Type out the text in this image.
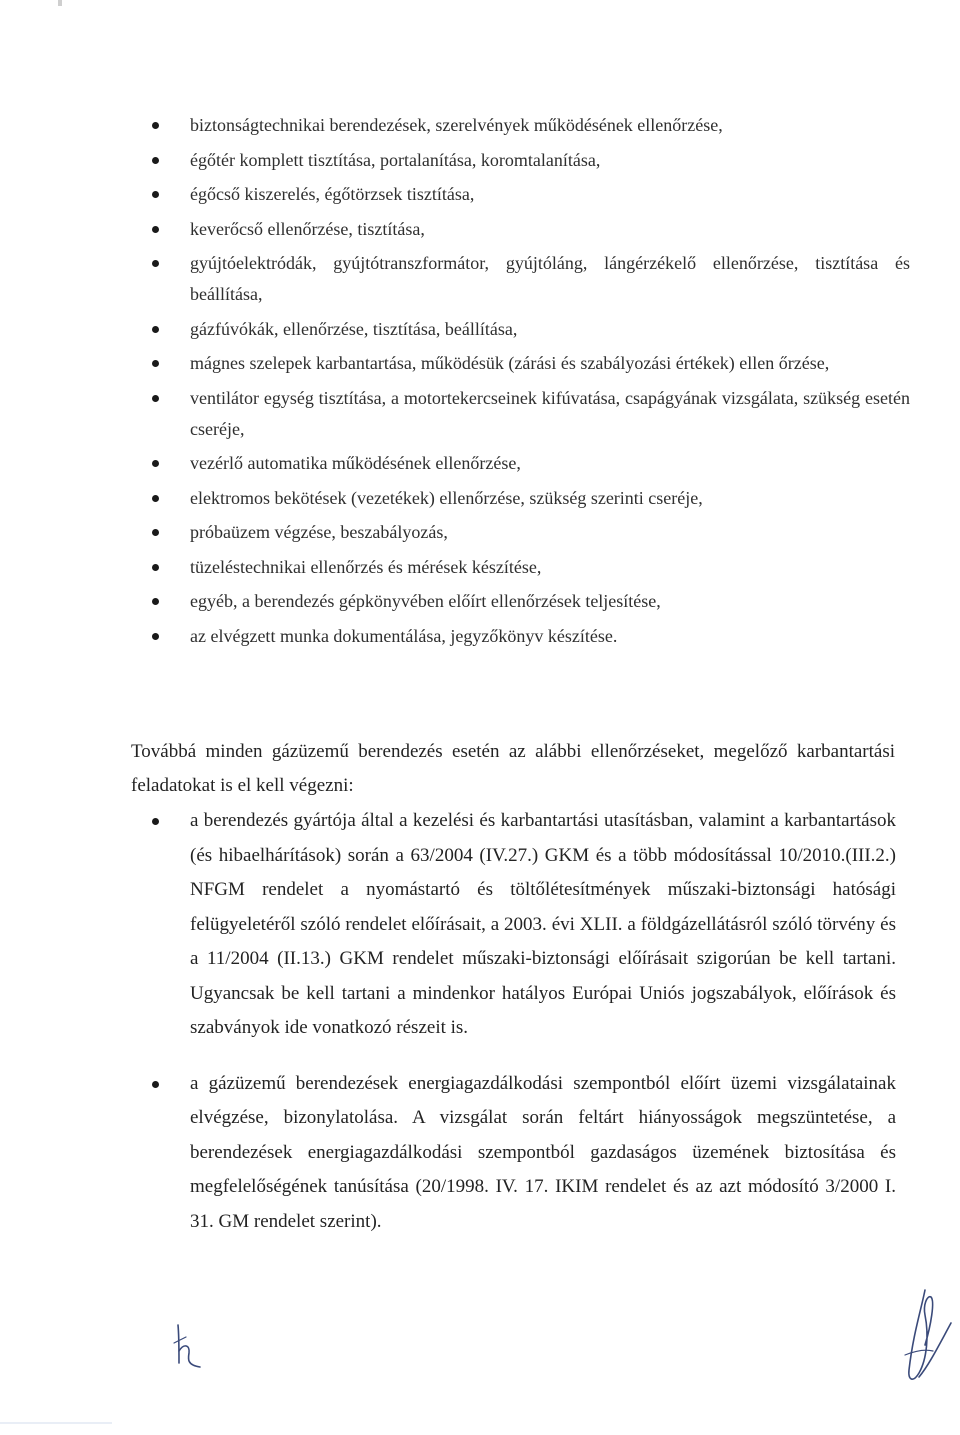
biztonságtechnikai berendezések, szerelvények működésének ellenőrzése,
égőtér komplett tisztítása, portalanítása, koromtalanítása,
égőcső kiszerelés, égőtörzsek tisztítása,
keverőcső ellenőrzése, tisztítása,
gyújtóelektródák, gyújtótranszformátor, gyújtóláng, lángérzékelő ellenőrzése, tisztítása és beállítása,
gázfúvókák, ellenőrzése, tisztítása, beállítása,
mágnes szelepek karbantartása, működésük (zárási és szabályozási értékek) ellen őrzése,
ventilátor egység tisztítása, a motortekercseinek kifúvatása, csapágyának vizsgálata, szükség esetén cseréje,
vezérlő automatika működésének ellenőrzése,
elektromos bekötések (vezetékek) ellenőrzése, szükség szerinti cseréje,
próbaüzem végzése, beszabályozás,
tüzeléstechnikai ellenőrzés és mérések készítése,
egyéb, a berendezés gépkönyvében előírt ellenőrzések teljesítése,
az elvégzett munka dokumentálása, jegyzőkönyv készítése.

Továbbá minden gázüzemű berendezés esetén az alábbi ellenőrzéseket, megelőző karbantartási feladatokat is el kell végezni:

a berendezés gyártója által a kezelési és karbantartási utasításban, valamint a karbantartások (és hibaelhárítások) során a 63/2004 (IV.27.) GKM és a több módosítással 10/2010.(III.2.) NFGM rendelet a nyomástartó és töltőlétesítmények műszaki-biztonsági hatósági felügyeletéről szóló rendelet előírásait, a 2003. évi XLII. a földgázellátásról szóló törvény és a 11/2004 (II.13.) GKM rendelet műszaki-biztonsági előírásait szigorúan be kell tartani. Ugyancsak be kell tartani a mindenkor hatályos Európai Uniós jogszabályok, előírások és szabványok ide vonatkozó részeit is.
a gázüzemű berendezések energiagazdálkodási szempontból előírt üzemi vizsgálatainak elvégzése, bizonylatolása. A vizsgálat során feltárt hiányosságok megszüntetése, a berendezések energiagazdálkodási szempontból gazdaságos üzemének biztosítása és megfelelőségének tanúsítása (20/1998. IV. 17. IKIM rendelet és az azt módosító 3/2000 I. 31. GM rendelet szerint).
